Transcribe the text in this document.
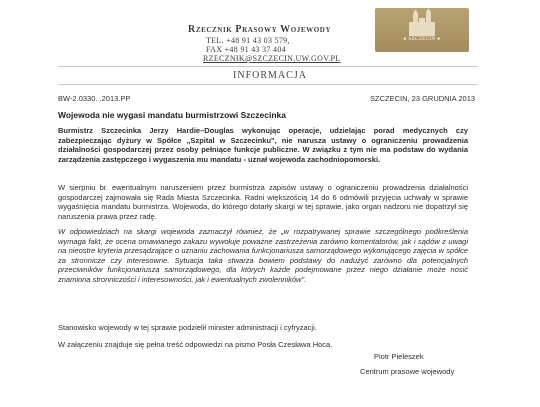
Rzecznik Prasowy Wojewody
TEL. +48 91 43 03 579,
FAX +48 91 43 37 404
RZECZNIK@SZCZECIN.UW.GOV.PL
● SZCZECIN ●
INFORMACJA
BW-2.0330. .2013.PP	SZCZECIN, 23 GRUDNIA 2013
Wojewoda nie wygasi mandatu burmistrzowi Szczecinka

Burmistrz Szczecinka Jerzy Hardie–Douglas wykonując operacje, udzielając porad medycznych czy zabezpieczając dyżury w Spółce „Szpital w Szczecinku", nie narusza ustawy o ograniczeniu prowadzenia działalności gospodarczej przez osoby pełniące funkcje publiczne. W związku z tym nie ma podstaw do wydania zarządzenia zastępczego i wygaszenia mu mandatu - uznał wojewoda zachodniopomorski.

W sierpniu br. ewentualnym naruszeniem przez burmistrza zapisów ustawy o ograniczeniu prowadzenia działalności gospodarczej zajmowała się Rada Miasta Szczecinka. Radni większością 14 do 6 odmówili przyjęcia uchwały w sprawie wygaśnięcia mandatu burmistrza. Wojewoda, do którego dotarły skargi w tej sprawie, jako organ nadzoru nie dopatrzył się naruszenia prawa przez radę.

W odpowiedziach na skargi wojewoda zaznaczył również, że „w rozpatrywanej sprawie szczególnego podkreślenia wymaga fakt, że ocena omawianego zakazu wywołuje poważne zastrzeżenia zarówno komentatorów, jak i sądów z uwagi na nieostre kryteria przesądzające o uznaniu zachowania funkcjonariusza samorządowego wykonującego zajęcia w spółce za stronnicze czy interesowne. Sytuacja taka stwarza bowiem podstawy do nadużyć zarówno dla potencjalnych przeciwników funkcjonariusza samorządowego, dla których każde podejmowane przez niego działanie może nosić znamiona stronniczości i interesowności, jak i ewentualnych zwolenników".

Stanowisko wojewody w tej sprawie podzielił minister administracji i cyfryzacji.

W załączeniu znajduje się pełna treść odpowiedzi na pismo Posła Czesława Hoca.

Piotr Pieleszek
Centrum prasowe wojewody
